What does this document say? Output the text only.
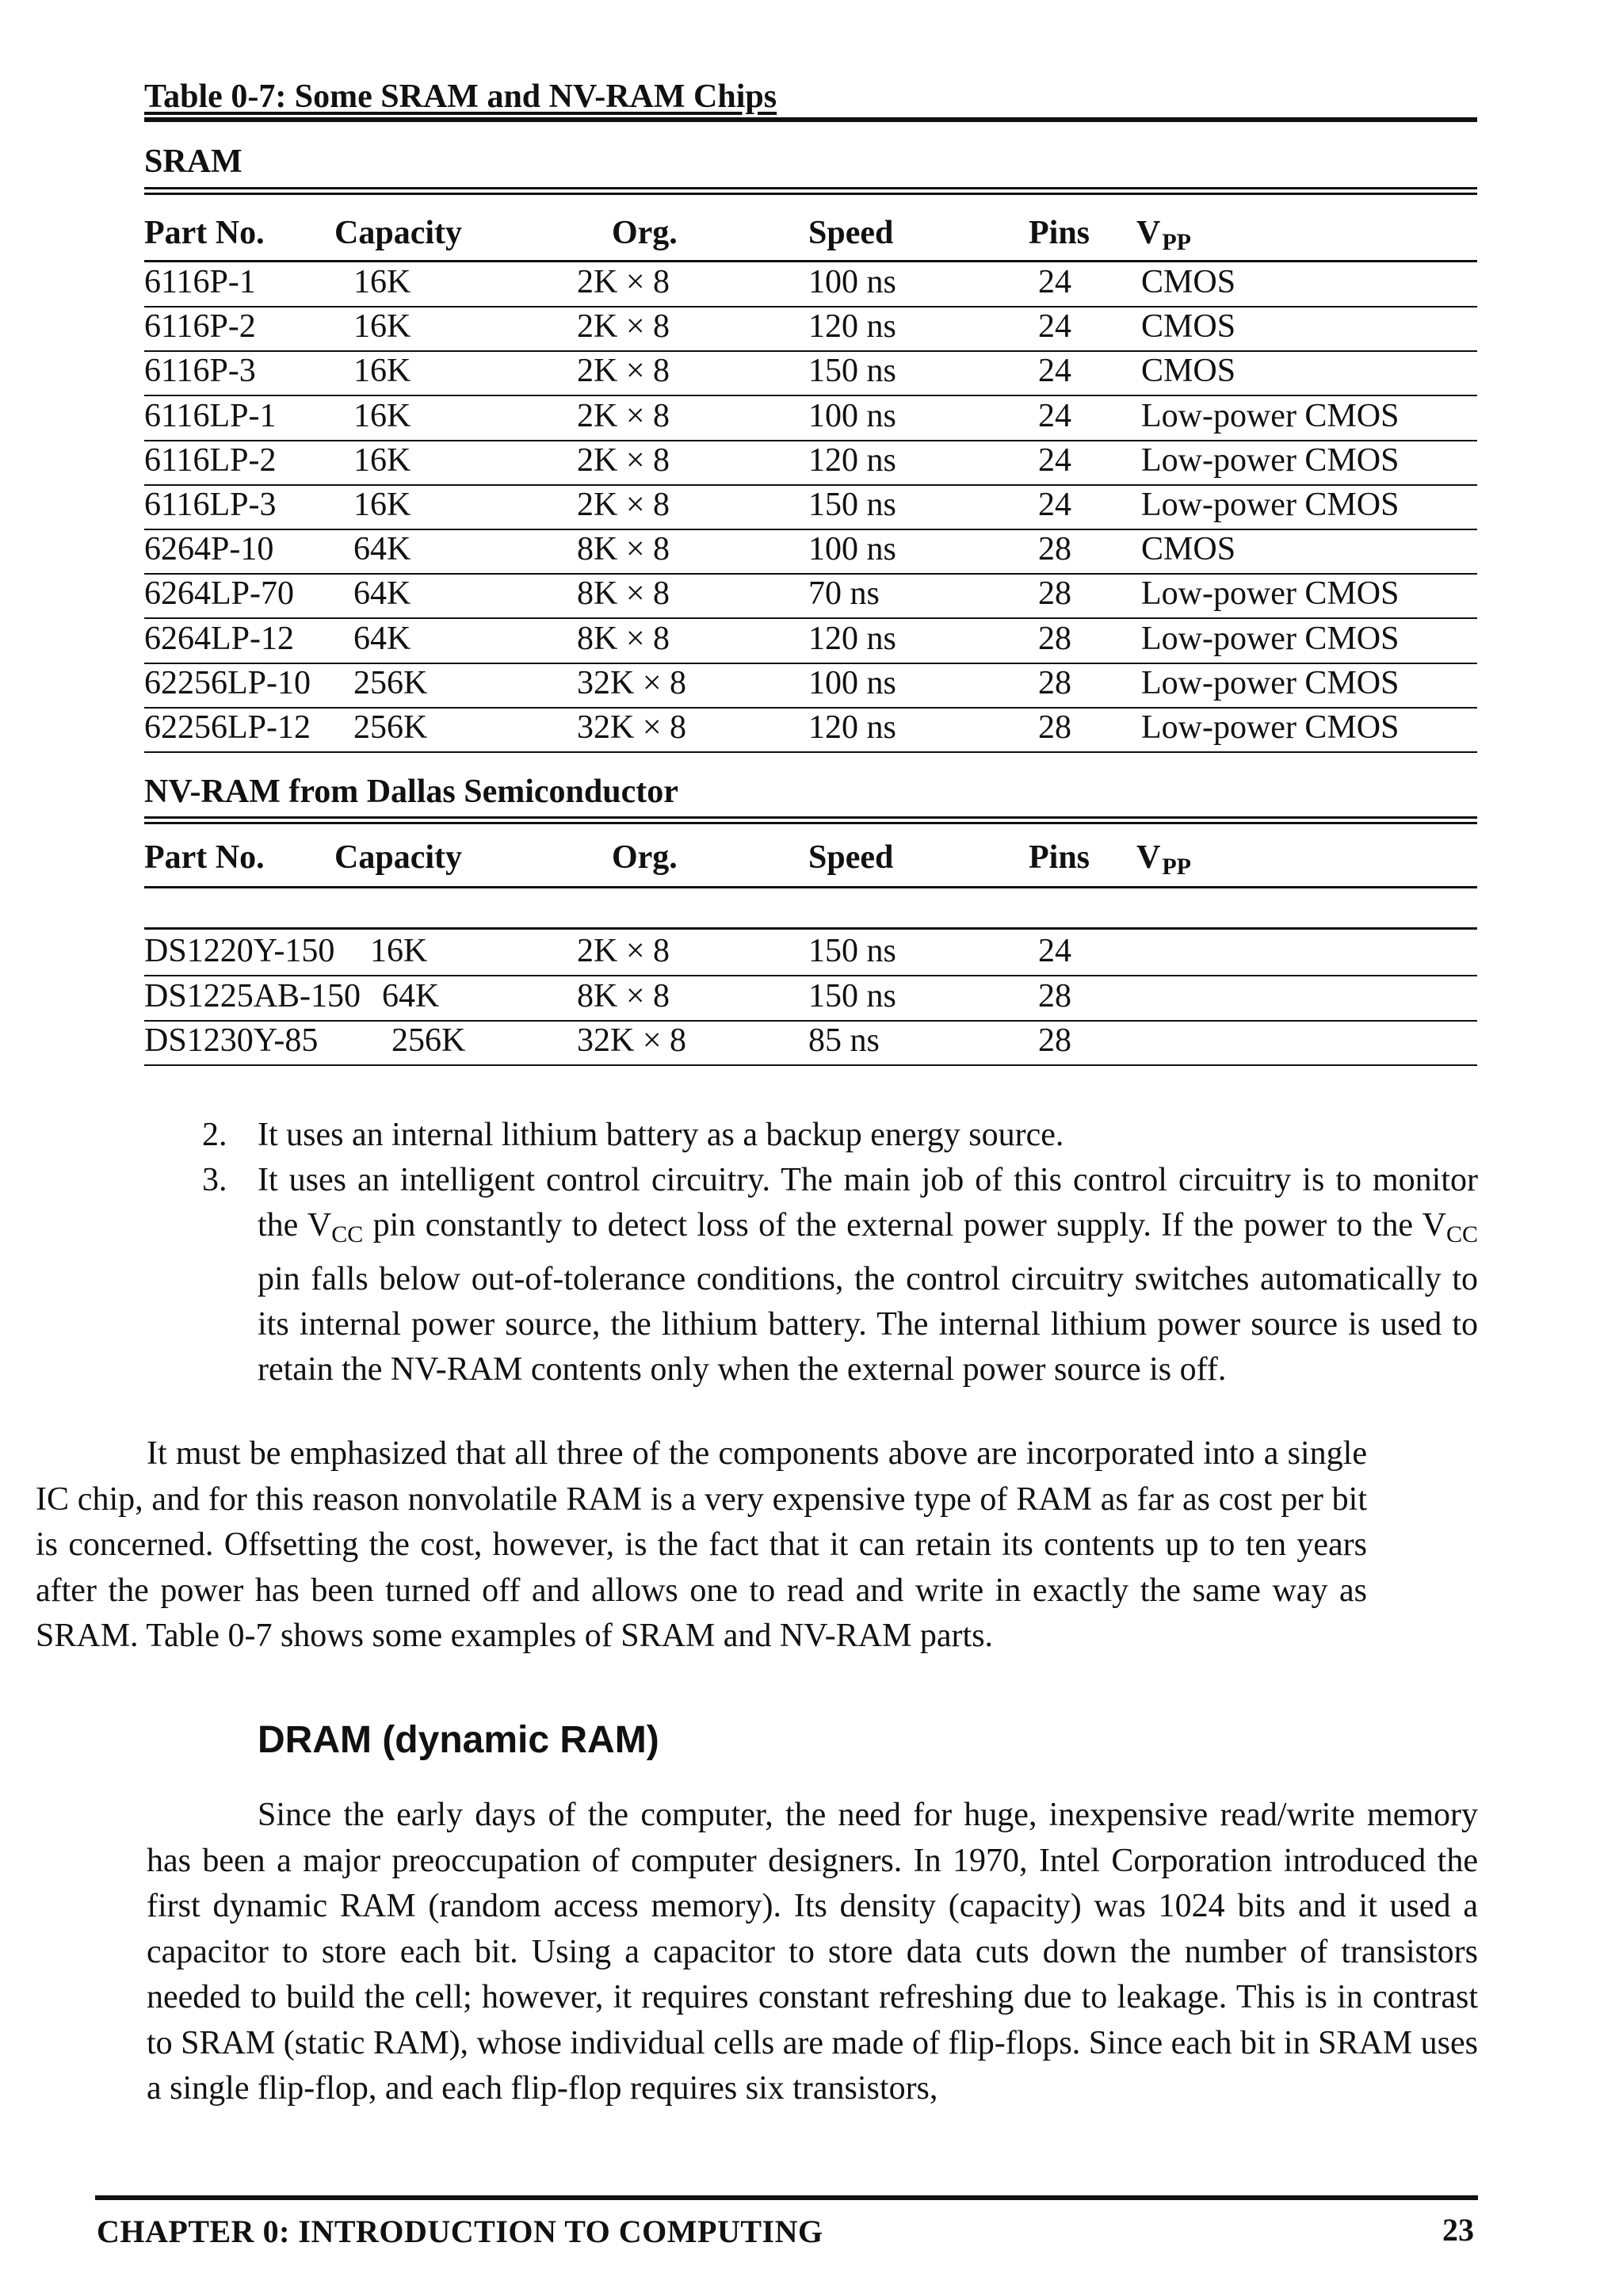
Table 0-7: Some SRAM and NV-RAM Chips
SRAM
Part No. Capacity	Org.	Speed	Pins VPP
6116P-1	16K	2K × 8	100 ns	24 CMOS
6116P-2	16K	2K × 8	120 ns	24 CMOS
6116P-3	16K	2K × 8	150 ns	24 CMOS
6116LP-1 16K	2K × 8	100 ns	24 Low-power CMOS
6116LP-2 16K	2K × 8	120 ns	24 Low-power CMOS
6116LP-3 16K	2K × 8	150 ns	24 Low-power CMOS
6264P-10 64K	8K × 8	100 ns	28 CMOS
6264LP-70 64K	8K × 8	70 ns	28 Low-power CMOS
6264LP-12 64K	8K × 8	120 ns	28 Low-power CMOS
62256LP-10 256K	32K × 8	100 ns	28 Low-power CMOS
62256LP-12 256K	32K × 8	120 ns	28 Low-power CMOS
NV-RAM from Dallas Semiconductor
Part No. Capacity	Org.	Speed	Pins VPP
DS1220Y-150 16K	2K × 8	150 ns	24
DS1225AB-150 64K	8K × 8	150 ns	28
DS1230Y-85 256K	32K × 8	85 ns	28
2. It uses an internal lithium battery as a backup energy source.
3. It uses an intelligent control circuitry. The main job of this control circuitry is to monitor the VCC pin constantly to detect loss of the external power supply. If the power to the VCC pin falls below out-of-tolerance conditions, the control circuitry switches automatically to its internal power source, the lithium battery. The internal lithium power source is used to retain the NV-RAM contents only when the external power source is off.
It must be emphasized that all three of the components above are incorporated into a single IC chip, and for this reason nonvolatile RAM is a very expensive type of RAM as far as cost per bit is concerned. Offsetting the cost, however, is the fact that it can retain its contents up to ten years after the power has been turned off and allows one to read and write in exactly the same way as SRAM. Table 0-7 shows some examples of SRAM and NV-RAM parts.
DRAM (dynamic RAM)
Since the early days of the computer, the need for huge, inexpensive read/write memory has been a major preoccupation of computer designers. In 1970, Intel Corporation introduced the first dynamic RAM (random access memory). Its density (capacity) was 1024 bits and it used a capacitor to store each bit. Using a capacitor to store data cuts down the number of transistors needed to build the cell; however, it requires constant refreshing due to leakage. This is in contrast to SRAM (static RAM), whose individual cells are made of flip-flops. Since each bit in SRAM uses a single flip-flop, and each flip-flop requires six transistors,
CHAPTER 0: INTRODUCTION TO COMPUTING	23
